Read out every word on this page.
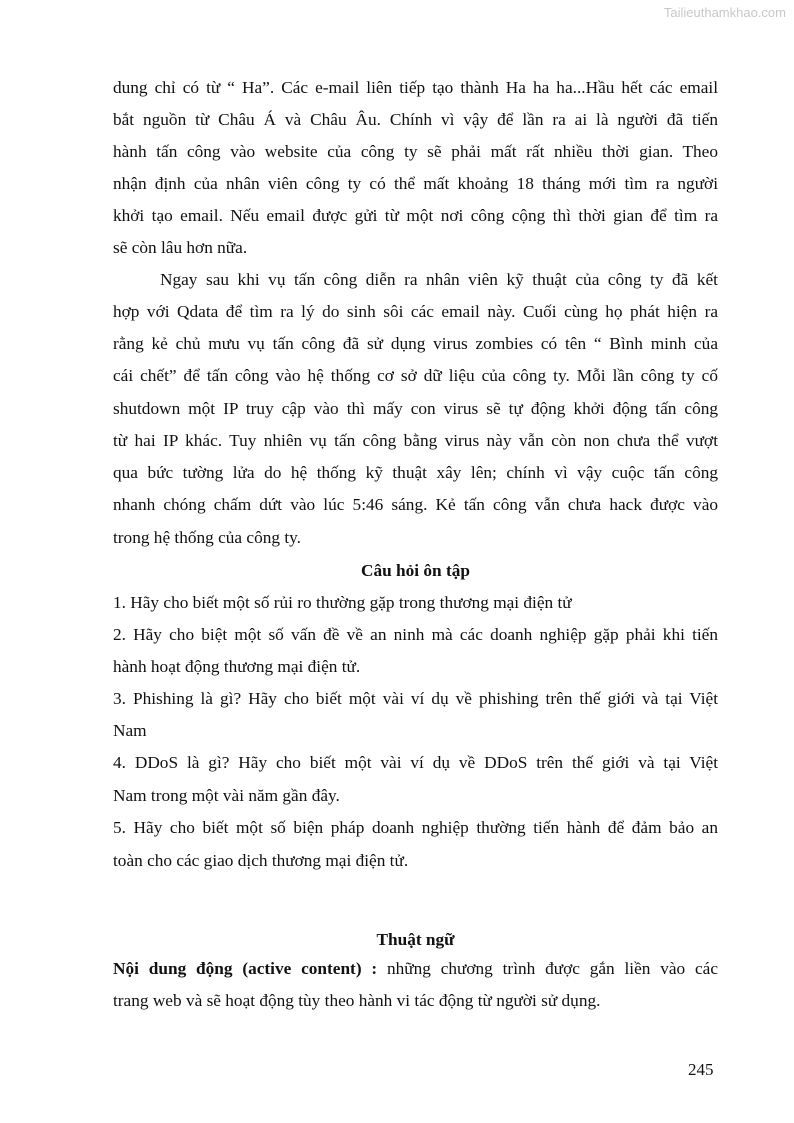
Tailieuthamkhao.com
dung chỉ có từ “ Ha”. Các e-mail liên tiếp tạo thành Ha ha ha...Hầu hết các email
bắt nguồn từ Châu Á và Châu Âu. Chính vì vậy để lần ra ai là người đã tiến
hành tấn công vào website của công ty sẽ phải mất rất nhiều thời gian. Theo
nhận định của nhân viên công ty có thể mất khoảng 18 tháng mới tìm ra người
khởi tạo email. Nếu email được gửi từ một nơi công cộng thì thời gian để tìm ra
sẽ còn lâu hơn nữa.
Ngay sau khi vụ tấn công diễn ra nhân viên kỹ thuật của công ty đã kết
hợp với Qdata để tìm ra lý do sinh sôi các email này. Cuối cùng họ phát hiện ra
rằng kẻ chủ mưu vụ tấn công đã sử dụng virus zombies có tên “ Bình minh của
cái chết” để tấn công vào hệ thống cơ sở dữ liệu của công ty. Mỗi lần công ty cố
shutdown một IP truy cập vào thì mấy con virus sẽ tự động khởi động tấn công
từ hai IP khác. Tuy nhiên vụ tấn công bằng virus này vẫn còn non chưa thể vượt
qua bức tường lửa do hệ thống kỹ thuật xây lên; chính vì vậy cuộc tấn công
nhanh chóng chấm dứt vào lúc 5:46 sáng. Kẻ tấn công vẫn chưa hack được vào
trong hệ thống của công ty.
Câu hỏi ôn tập
1. Hãy cho biết một số rủi ro thường gặp trong thương mại điện tử
2. Hãy cho biệt một số vấn đề về an ninh mà các doanh nghiệp gặp phải khi tiến
hành hoạt động thương mại điện tử.
3. Phishing là gì? Hãy cho biết một vài ví dụ về phishing trên thế giới và tại Việt
Nam
4. DDoS là gì? Hãy cho biết một vài ví dụ về DDoS trên thế giới và tại Việt
Nam trong một vài năm gần đây.
5. Hãy cho biết một số biện pháp doanh nghiệp thường tiến hành để đảm bảo an
toàn cho các giao dịch thương mại điện tử.
Thuật ngữ
Nội dung động (active content) : những chương trình được gắn liền vào các
trang web và sẽ hoạt động tùy theo hành vi tác động từ người sử dụng.
245
